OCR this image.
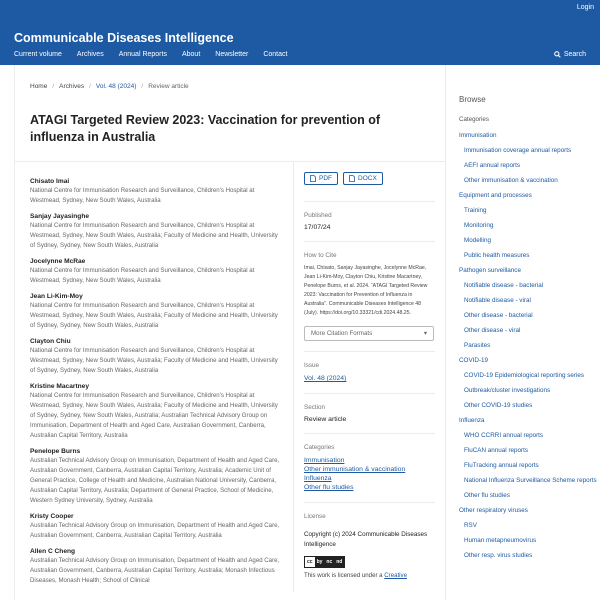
Login
Communicable Diseases Intelligence
Current volume Archives Annual Reports About Newsletter Contact	Search
Home / Archives / Vol. 48 (2024) / Review article
ATAGI Targeted Review 2023: Vaccination for prevention of influenza in Australia
Chisato Imai
National Centre for Immunisation Research and Surveillance, Children's Hospital at Westmead, Sydney, New South Wales, Australia
Sanjay Jayasinghe
National Centre for Immunisation Research and Surveillance, Children's Hospital at Westmead, Sydney, New South Wales, Australia; Faculty of Medicine and Health, University of Sydney, Sydney, New South Wales, Australia
Jocelynne McRae
National Centre for Immunisation Research and Surveillance, Children's Hospital at Westmead, Sydney, New South Wales, Australia
Jean Li-Kim-Moy
National Centre for Immunisation Research and Surveillance, Children's Hospital at Westmead, Sydney, New South Wales, Australia; Faculty of Medicine and Health, University of Sydney, Sydney, New South Wales, Australia
Clayton Chiu
National Centre for Immunisation Research and Surveillance, Children's Hospital at Westmead, Sydney, New South Wales, Australia; Faculty of Medicine and Health, University of Sydney, Sydney, New South Wales, Australia
Kristine Macartney
National Centre for Immunisation Research and Surveillance, Children's Hospital at Westmead, Sydney, New South Wales, Australia; Faculty of Medicine and Health, University of Sydney, Sydney, New South Wales, Australia; Australian Technical Advisory Group on Immunisation, Department of Health and Aged Care, Australian Government, Canberra, Australian Capital Territory, Australia
Penelope Burns
Australian Technical Advisory Group on Immunisation, Department of Health and Aged Care, Australian Government, Canberra, Australian Capital Territory, Australia; Academic Unit of General Practice, College of Health and Medicine, Australian National University, Canberra, Australian Capital Territory, Australia; Department of General Practice, School of Medicine, Western Sydney University, Sydney, Australia
Kristy Cooper
Australian Technical Advisory Group on Immunisation, Department of Health and Aged Care, Australian Government, Canberra, Australian Capital Territory, Australia
Allen C Cheng
Australian Technical Advisory Group on Immunisation, Department of Health and Aged Care, Australian Government, Canberra, Australian Capital Territory, Australia; Monash Infectious Diseases, Monash Health; School of Clinical
PDF	DOCX
Published
17/07/24
How to Cite
Imai, Chisato, Sanjay Jayasinghe, Jocelynne McRae, Jean Li-Kim-Moy, Clayton Chiu, Kristine Macartney, Penelope Burns, et al. 2024. “ATAGI Targeted Review 2023: Vaccination for Prevention of Influenza in Australia”. Communicable Diseases Intelligence 48 (July). https://doi.org/10.33321/cdi.2024.48.25.
More Citation Formats	▾
Issue
Vol. 48 (2024)
Section
Review article
Categories
Immunisation
Other immunisation & vaccination
Influenza
Other flu studies
License
Copyright (c) 2024 Communicable Diseases Intelligence
cc by nc nd
This work is licensed under a Creative
Browse
Categories
Immunisation
Immunisation coverage annual reports
AEFI annual reports
Other immunisation & vaccination
Equipment and processes
Training
Monitoring
Modelling
Public health measures
Pathogen surveillance
Notifiable disease - bacterial
Notifiable disease - viral
Other disease - bacterial
Other disease - viral
Parasites
COVID-19
COVID-19 Epidemiological reporting series
Outbreak/cluster investigations
Other COVID-19 studies
Influenza
WHO CCRRI annual reports
FluCAN annual reports
FluTracking annual reports
National Influenza Surveillance Scheme reports
Other flu studies
Other respiratory viruses
RSV
Human metapneumovirus
Other resp. virus studies
